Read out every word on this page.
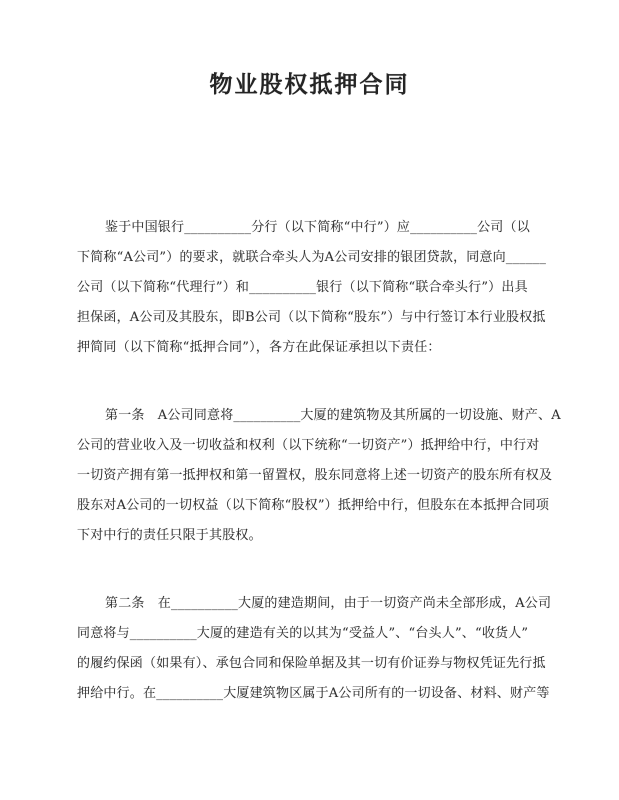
物业股权抵押合同
鉴于中国银行__________分行（以下简称“中行”）应__________公司（以
下简称“A公司”）的要求，就联合牵头人为A公司安排的银团贷款，同意向______
公司（以下简称“代理行”）和__________银行（以下简称“联合牵头行”）出具
担保函，A公司及其股东，即B公司（以下简称“股东”）与中行签订本行业股权抵
押简同（以下简称“抵押合同”），各方在此保证承担以下责任：
第一条　A公司同意将__________大厦的建筑物及其所属的一切设施、财产、A
公司的营业收入及一切收益和权利（以下统称“一切资产”）抵押给中行，中行对
一切资产拥有第一抵押权和第一留置权，股东同意将上述一切资产的股东所有权及
股东对A公司的一切权益（以下简称“股权”）抵押给中行，但股东在本抵押合同项
下对中行的责任只限于其股权。
第二条　在__________大厦的建造期间，由于一切资产尚未全部形成，A公司
同意将与__________大厦的建造有关的以其为“受益人”、“台头人”、“收货人”
的履约保函（如果有）、承包合同和保险单据及其一切有价证券与物权凭证先行抵
押给中行。在__________大厦建筑物区属于A公司所有的一切设备、材料、财产等
